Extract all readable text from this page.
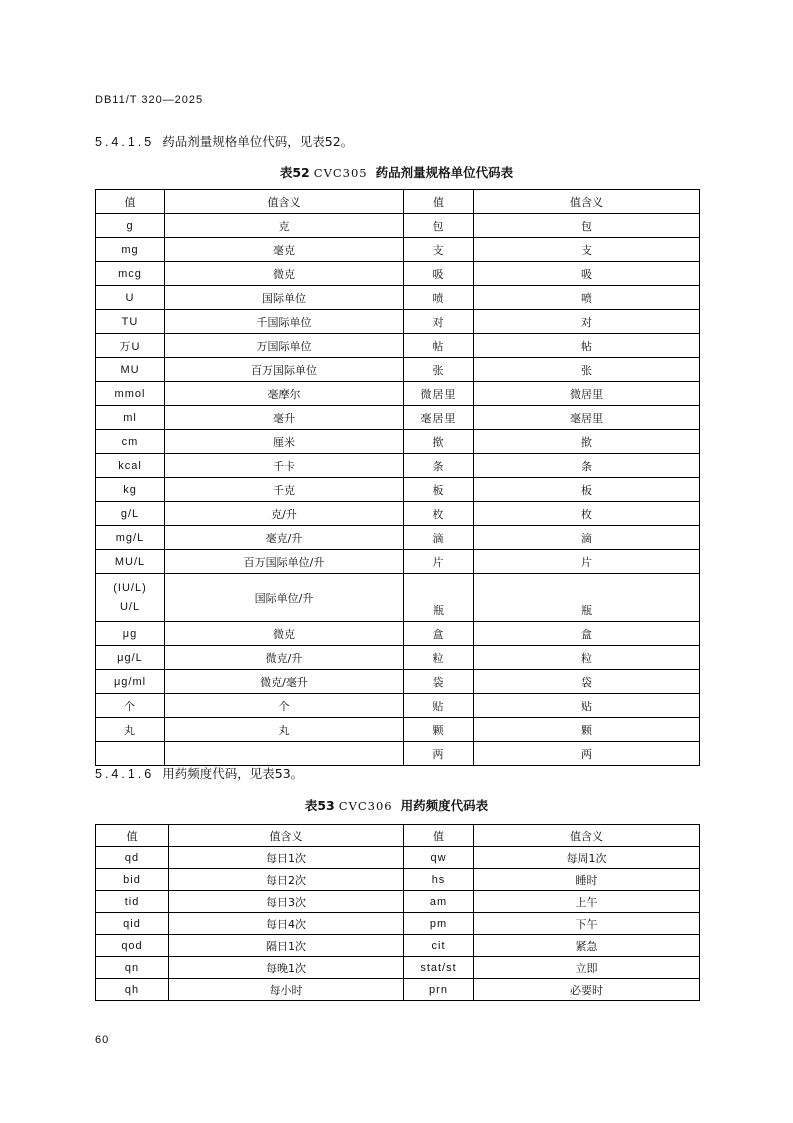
DB11/T 320—2025
5.4.1.5 药品剂量规格单位代码，见表52。
表52 CVC305 药品剂量规格单位代码表
值	值含义	值	值含义
g	克	包	包
mg	毫克	支	支
mcg	微克	吸	吸
U	国际单位	喷	喷
TU	千国际单位	对	对
万U	万国际单位	帖	帖
MU	百万国际单位	张	张
mmol	毫摩尔	微居里	微居里
ml	毫升	毫居里	毫居里
cm	厘米	揿	揿
kcal	千卡	条	条
kg	千克	板	板
g/L	克/升	枚	枚
mg/L	毫克/升	滴	滴
MU/L	百万国际单位/升	片	片

(IU/L)
U/L	国际单位/升	瓶	瓶
μg	微克	盒	盒
μg/L	微克/升	粒	粒
μg/ml	微克/毫升	袋	袋
个	个	贴	贴
丸	丸	颗	颗
		两	两
5.4.1.6 用药频度代码，见表53。
表53 CVC306 用药频度代码表
值	值含义	值	值含义
qd	每日1次	qw	每周1次
bid	每日2次	hs	睡时
tid	每日3次	am	上午
qid	每日4次	pm	下午
qod	隔日1次	cit	紧急
qn	每晚1次	stat/st	立即
qh	每小时	prn	必要时
60
